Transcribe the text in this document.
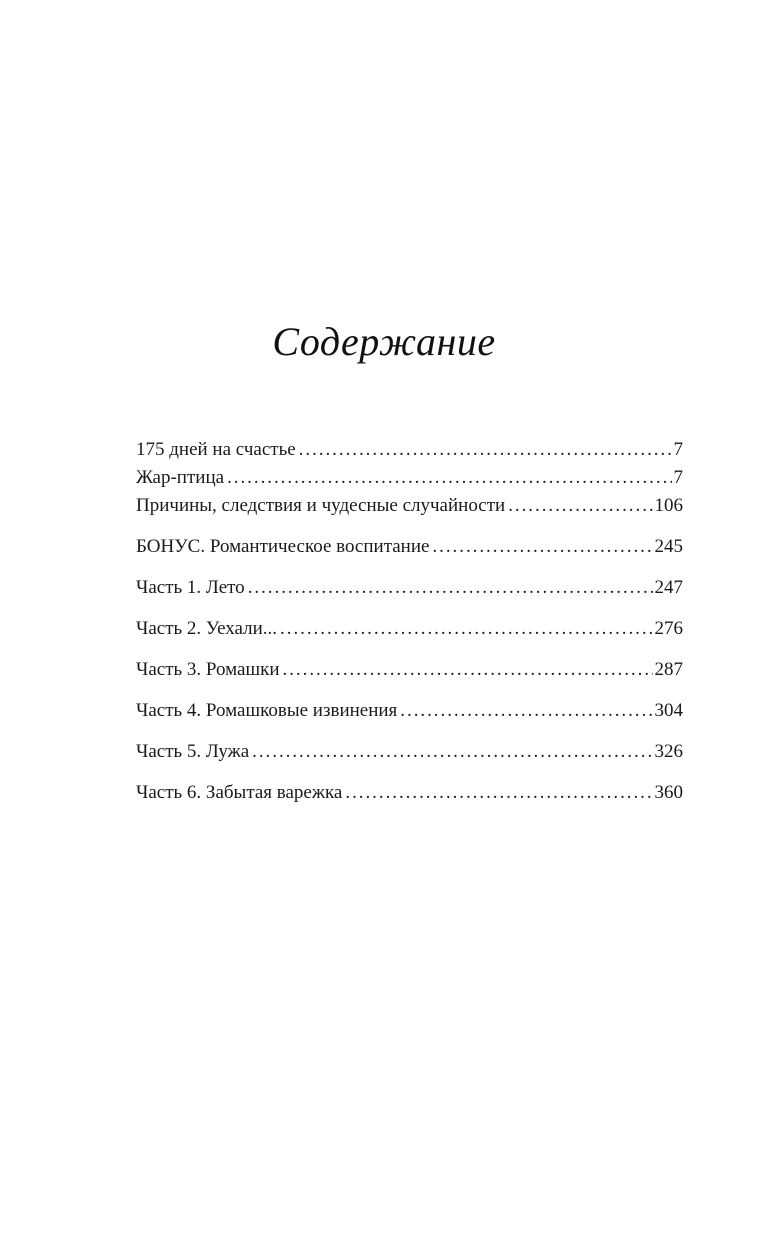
Содержание
175 дней на счастье . . .	7
Жар-птица . . .	7
Причины, следствия и чудесные случайности . . .	106
БОНУС. Романтическое воспитание . . .	245
Часть 1. Лето . . .	247
Часть 2. Уехали... . . .	276
Часть 3. Ромашки . . .	287
Часть 4. Ромашковые извинения . . .	304
Часть 5. Лужа . . .	326
Часть 6. Забытая варежка . . .	360
